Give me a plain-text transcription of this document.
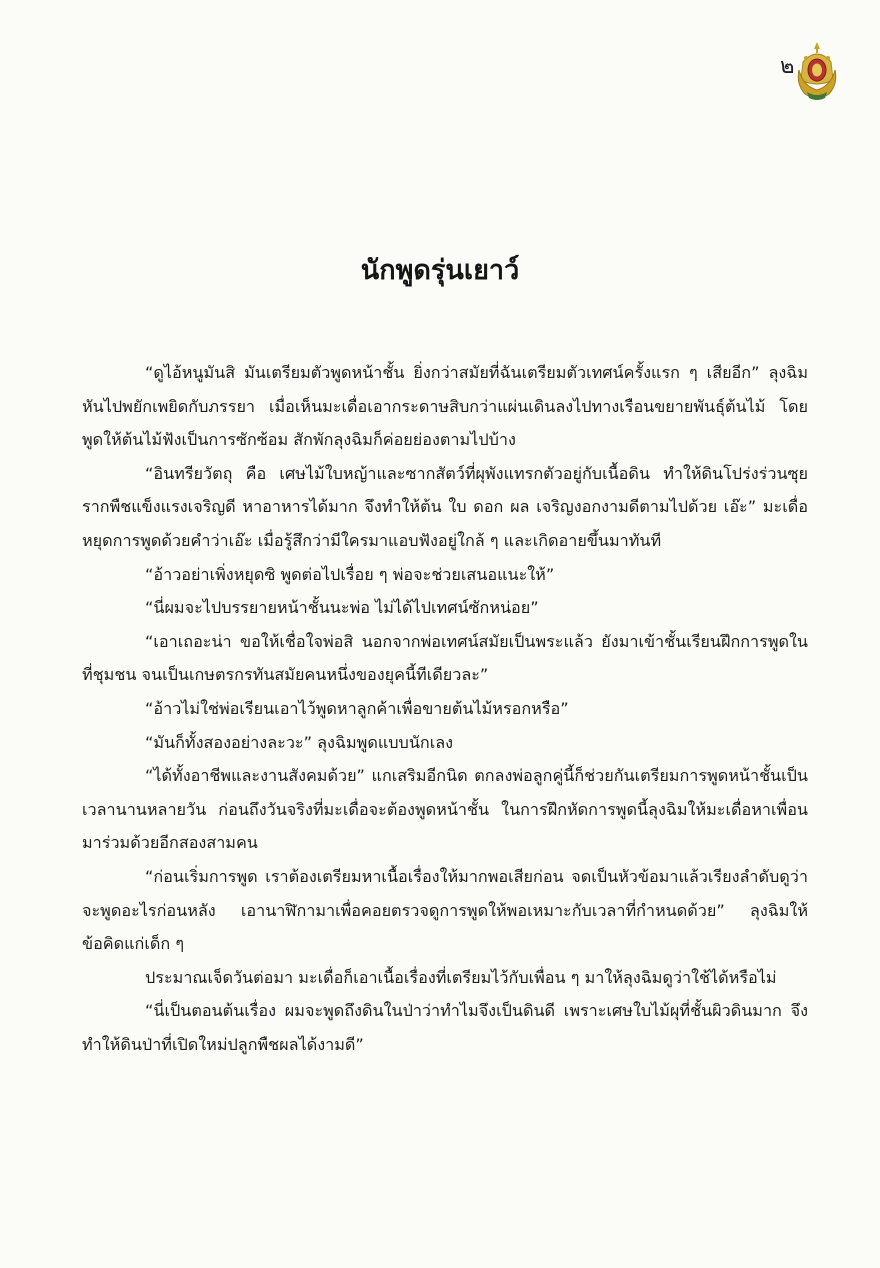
๒
นักพูดรุ่นเยาว์

“ดูไอ้หนูมันสิ มันเตรียมตัวพูดหน้าชั้น ยิ่งกว่าสมัยที่ฉันเตรียมตัวเทศน์ครั้งแรก ๆ เสียอีก” ลุงฉิมหันไปพยักเพยิดกับภรรยา เมื่อเห็นมะเดื่อเอากระดาษสิบกว่าแผ่นเดินลงไปทางเรือนขยายพันธุ์ต้นไม้ โดยพูดให้ต้นไม้ฟังเป็นการซักซ้อม สักพักลุงฉิมก็ค่อยย่องตามไปบ้าง

“อินทรียวัตถุ คือ เศษไม้ใบหญ้าและซากสัตว์ที่ผุพังแทรกตัวอยู่กับเนื้อดิน ทำให้ดินโปร่งร่วนซุย รากพืชแข็งแรงเจริญดี หาอาหารได้มาก จึงทำให้ต้น ใบ ดอก ผล เจริญงอกงามดีตามไปด้วย เอ๊ะ” มะเดื่อหยุดการพูดด้วยคำว่าเอ๊ะ เมื่อรู้สึกว่ามีใครมาแอบฟังอยู่ใกล้ ๆ และเกิดอายขึ้นมาทันที

“อ้าวอย่าเพิ่งหยุดซิ พูดต่อไปเรื่อย ๆ พ่อจะช่วยเสนอแนะให้”

“นี่ผมจะไปบรรยายหน้าชั้นนะพ่อ ไม่ได้ไปเทศน์ซักหน่อย”

“เอาเถอะน่า ขอให้เชื่อใจพ่อสิ นอกจากพ่อเทศน์สมัยเป็นพระแล้ว ยังมาเข้าชั้นเรียนฝึกการพูดในที่ชุมชน จนเป็นเกษตรกรทันสมัยคนหนึ่งของยุคนี้ทีเดียวละ”

“อ้าวไม่ใช่พ่อเรียนเอาไว้พูดหาลูกค้าเพื่อขายต้นไม้หรอกหรือ”

“มันก็ทั้งสองอย่างละวะ” ลุงฉิมพูดแบบนักเลง

“ได้ทั้งอาชีพและงานสังคมด้วย” แกเสริมอีกนิด ตกลงพ่อลูกคู่นี้ก็ช่วยกันเตรียมการพูดหน้าชั้นเป็นเวลานานหลายวัน ก่อนถึงวันจริงที่มะเดื่อจะต้องพูดหน้าชั้น ในการฝึกหัดการพูดนี้ลุงฉิมให้มะเดื่อหาเพื่อนมาร่วมด้วยอีกสองสามคน

“ก่อนเริ่มการพูด เราต้องเตรียมหาเนื้อเรื่องให้มากพอเสียก่อน จดเป็นหัวข้อมาแล้วเรียงลำดับดูว่าจะพูดอะไรก่อนหลัง เอานาฬิกามาเพื่อคอยตรวจดูการพูดให้พอเหมาะกับเวลาที่กำหนดด้วย” ลุงฉิมให้ข้อคิดแก่เด็ก ๆ

ประมาณเจ็ดวันต่อมา มะเดื่อก็เอาเนื้อเรื่องที่เตรียมไว้กับเพื่อน ๆ มาให้ลุงฉิมดูว่าใช้ได้หรือไม่

“นี่เป็นตอนต้นเรื่อง ผมจะพูดถึงดินในป่าว่าทำไมจึงเป็นดินดี เพราะเศษใบไม้ผุที่ชั้นผิวดินมาก จึงทำให้ดินป่าที่เปิดใหม่ปลูกพืชผลได้งามดี”
